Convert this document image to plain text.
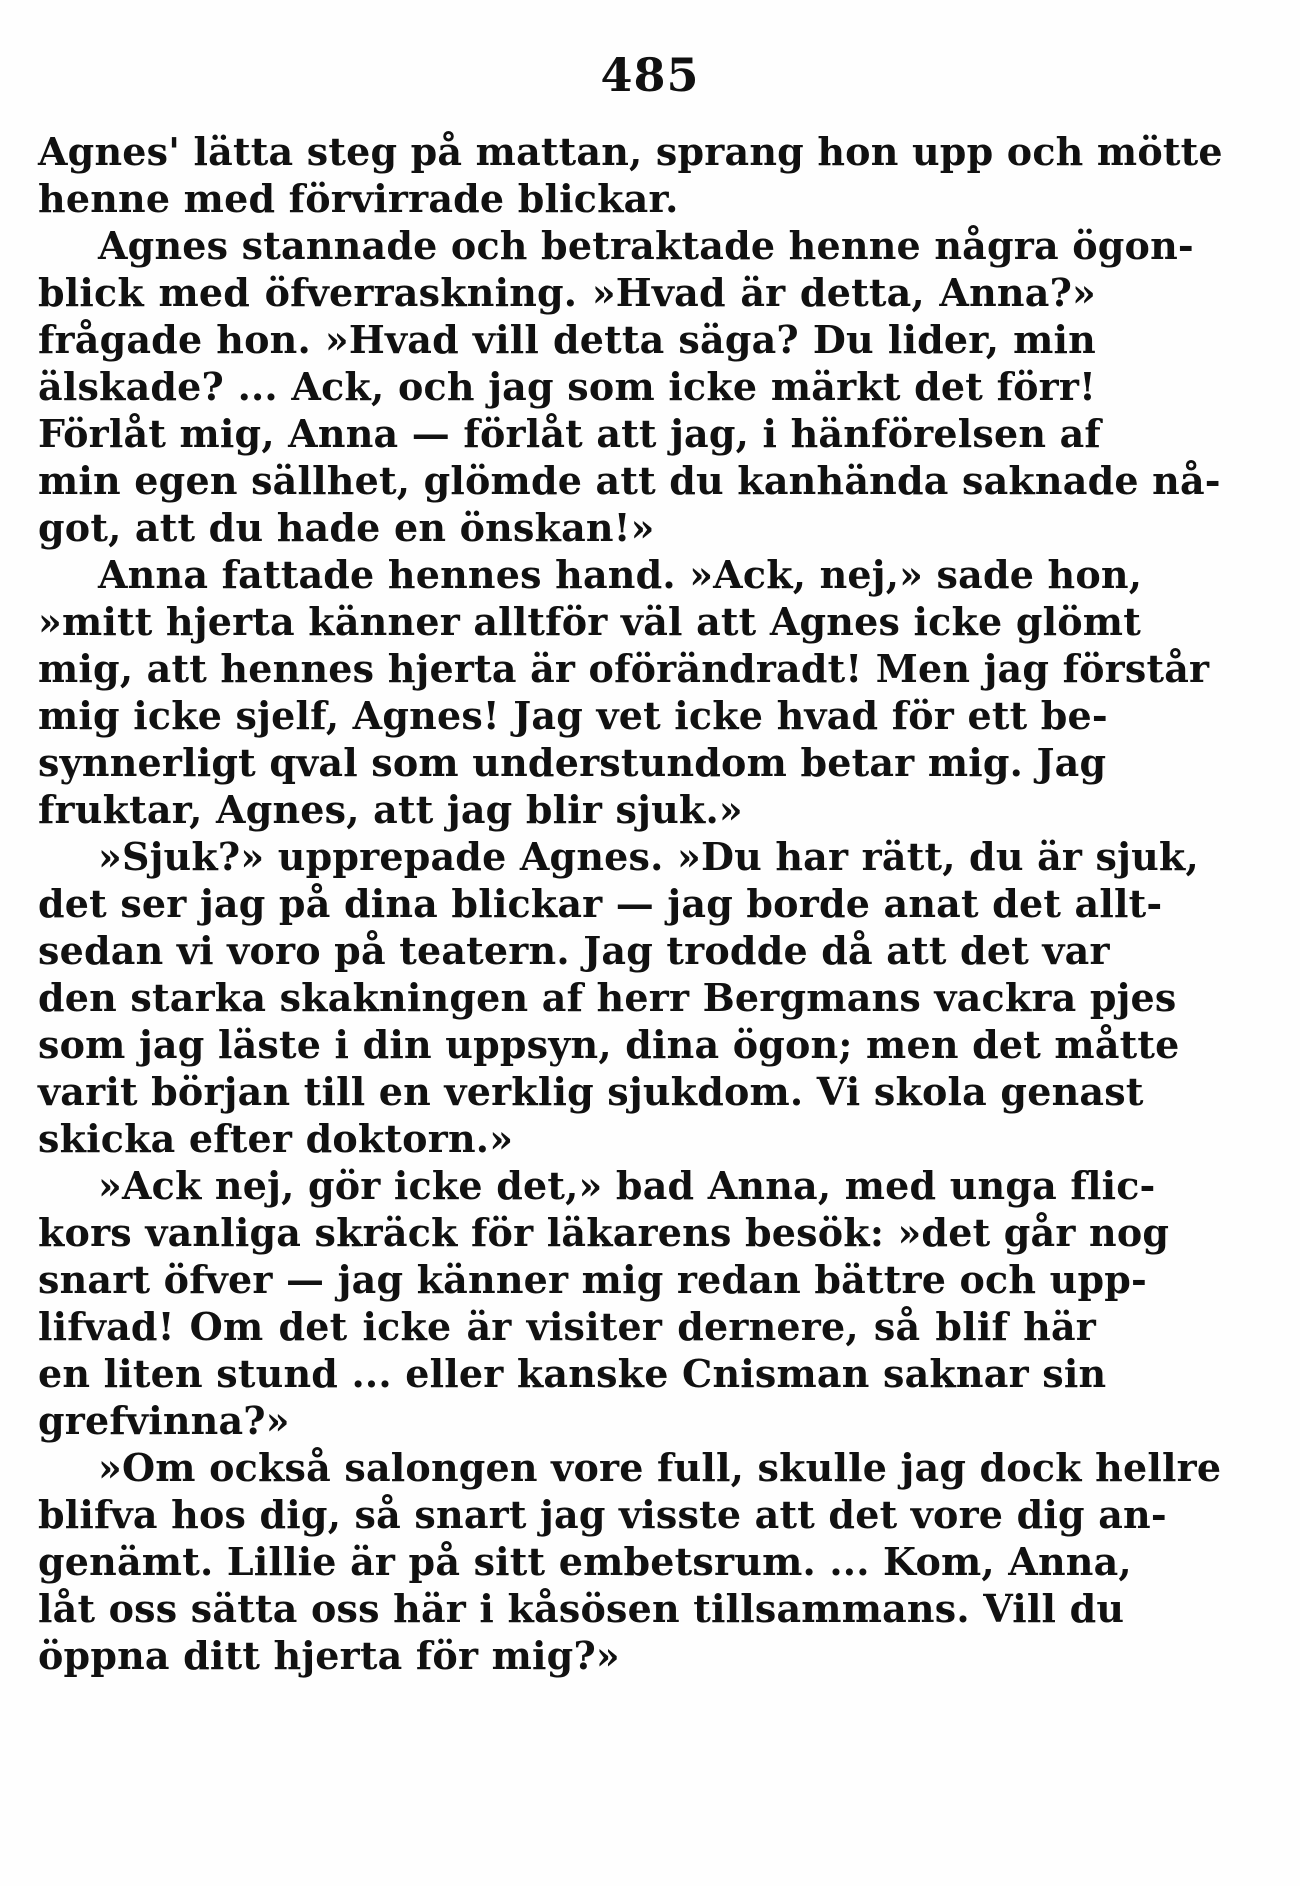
485
Agnes' lätta steg på mattan, sprang hon upp och mötte
henne med förvirrade blickar.
Agnes stannade och betraktade henne några ögon-
blick med öfverraskning. »Hvad är detta, Anna?»
frågade hon. »Hvad vill detta säga? Du lider, min
älskade? ... Ack, och jag som icke märkt det förr!
Förlåt mig, Anna — förlåt att jag, i hänförelsen af
min egen sällhet, glömde att du kanhända saknade nå-
got, att du hade en önskan!»
Anna fattade hennes hand. »Ack, nej,» sade hon,
»mitt hjerta känner alltför väl att Agnes icke glömt
mig, att hennes hjerta är oförändradt! Men jag förstår
mig icke sjelf, Agnes! Jag vet icke hvad för ett be-
synnerligt qval som understundom betar mig. Jag
fruktar, Agnes, att jag blir sjuk.»
»Sjuk?» upprepade Agnes. »Du har rätt, du är sjuk,
det ser jag på dina blickar — jag borde anat det allt-
sedan vi voro på teatern. Jag trodde då att det var
den starka skakningen af herr Bergmans vackra pjes
som jag läste i din uppsyn, dina ögon; men det måtte
varit början till en verklig sjukdom. Vi skola genast
skicka efter doktorn.»
»Ack nej, gör icke det,» bad Anna, med unga flic-
kors vanliga skräck för läkarens besök: »det går nog
snart öfver — jag känner mig redan bättre och upp-
lifvad! Om det icke är visiter dernere, så blif här
en liten stund ... eller kanske Cnisman saknar sin
grefvinna?»
»Om också salongen vore full, skulle jag dock hellre
blifva hos dig, så snart jag visste att det vore dig an-
genämt. Lillie är på sitt embetsrum. ... Kom, Anna,
låt oss sätta oss här i kåsösen tillsammans. Vill du
öppna ditt hjerta för mig?»
